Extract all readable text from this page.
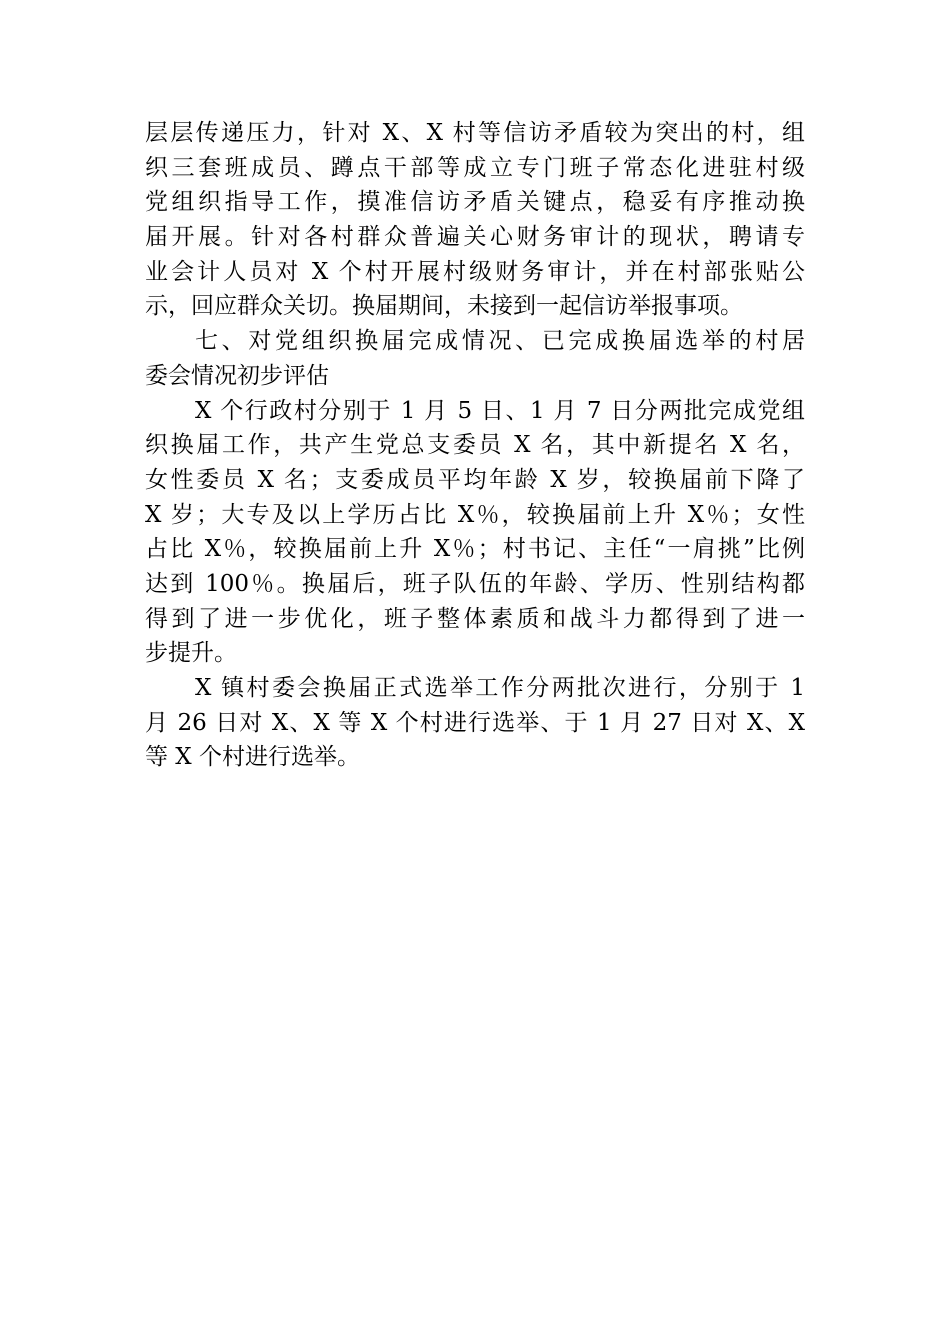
层层传递压力，针对 X、X 村等信访矛盾较为突出的村，组
织三套班成员、蹲点干部等成立专门班子常态化进驻村级
党组织指导工作，摸准信访矛盾关键点，稳妥有序推动换
届开展。针对各村群众普遍关心财务审计的现状，聘请专
业会计人员对 X 个村开展村级财务审计，并在村部张贴公
示，回应群众关切。换届期间，未接到一起信访举报事项。
七、对党组织换届完成情况、已完成换届选举的村居
委会情况初步评估
X 个行政村分别于 1 月 5 日、1 月 7 日分两批完成党组
织换届工作，共产生党总支委员 X 名，其中新提名 X 名，
女性委员 X 名；支委成员平均年龄 X 岁，较换届前下降了
X 岁；大专及以上学历占比 X％，较换届前上升 X％；女性
占比 X％，较换届前上升 X％；村书记、主任“一肩挑”比例
达到 100％。换届后，班子队伍的年龄、学历、性别结构都
得到了进一步优化，班子整体素质和战斗力都得到了进一
步提升。
X 镇村委会换届正式选举工作分两批次进行，分别于 1
月 26 日对 X、X 等 X 个村进行选举、于 1 月 27 日对 X、X
等 X 个村进行选举。
